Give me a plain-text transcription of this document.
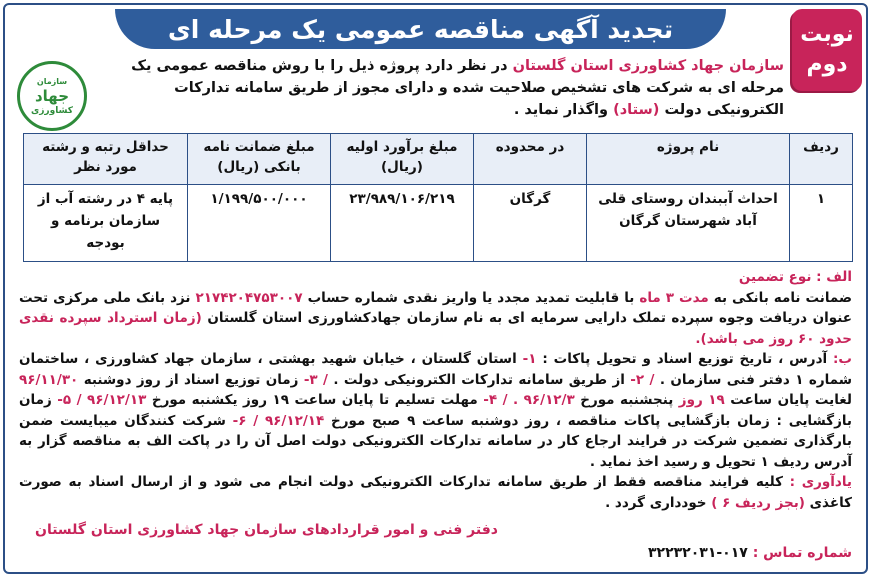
تجدید آگهی مناقصه عمومی یک مرحله ای	نوبت
دوم
سازمان
جهاد
کشاورزی
سازمان جهاد کشاورزی استان گلستان در نظر دارد پروژه ذیل را با روش مناقصه عمومی یک مرحله ای به شرکت های تشخیص صلاحیت شده و دارای مجوز از طریق سامانه تدارکات الکترونیکی دولت (ستاد) واگذار نماید .
ردیف	نام پروژه	در محدوده	مبلغ برآورد اولیه (ریال)	مبلغ ضمانت نامه بانکی (ریال)	حداقل رتبه و رشته مورد نظر
۱	احداث آببندان روستای قلی آباد شهرستان گرگان	گرگان	۲۳/۹۸۹/۱۰۶/۲۱۹	۱/۱۹۹/۵۰۰/۰۰۰	پایه ۴ در رشته آب از سازمان برنامه و بودجه

الف : نوع تضمین

ضمانت نامه بانکی به مدت ۳ ماه با قابلیت تمدید مجدد یا واریز نقدی شماره حساب ۲۱۷۴۲۰۴۷۵۳۰۰۷ نزد بانک ملی مرکزی تحت عنوان دریافت وجوه سپرده تملک دارایی سرمایه ای به نام سازمان جهادکشاورزی استان گلستان (زمان استرداد سپرده نقدی حدود ۶۰ روز می باشد).

ب: آدرس ، تاریخ توزیع اسناد و تحویل پاکات : ۱- استان گلستان ، خیابان شهید بهشتی ، سازمان جهاد کشاورزی ، ساختمان شماره ۱ دفتر فنی سازمان . / ۲- از طریق سامانه تدارکات الکترونیکی دولت . / ۳- زمان توزیع اسناد از روز دوشنبه ۹۶/۱۱/۳۰ لغایت پایان ساعت ۱۹ روز پنجشنبه مورخ ۹۶/۱۲/۳ . / ۴- مهلت تسلیم تا پایان ساعت ۱۹ روز یکشنبه مورخ ۹۶/۱۲/۱۳ / ۵- زمان بازگشایی : زمان بازگشایی پاکات مناقصه ، روز دوشنبه ساعت ۹ صبح مورخ ۹۶/۱۲/۱۴ / ۶- شرکت کنندگان میبایست ضمن بارگذاری تضمین شرکت در فرایند ارجاع کار در سامانه تدارکات الکترونیکی دولت اصل آن را در پاکت الف به مناقصه گزار به آدرس ردیف ۱ تحویل و رسید اخذ نماید .

یادآوری : کلیه فرایند مناقصه فقط از طریق سامانه تدارکات الکترونیکی دولت انجام می شود و از ارسال اسناد به صورت کاغذی (بجز ردیف ۶ ) خودداری گردد .

دفتر فنی و امور قراردادهای سازمان جهاد کشاورزی استان گلستان
شماره تماس : ۰۱۷-۳۲۲۳۲۰۳۱
